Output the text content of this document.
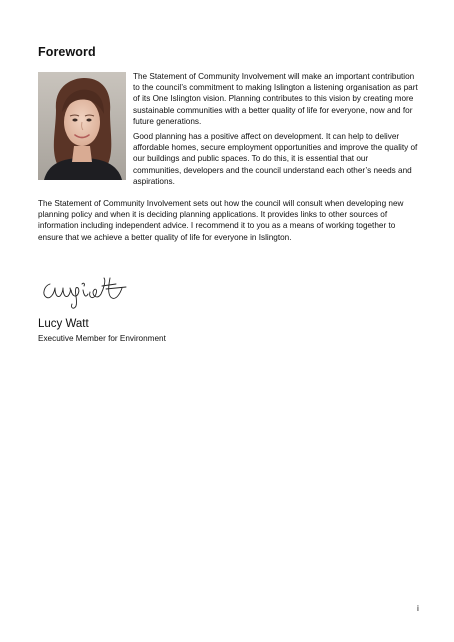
Foreword

The Statement of Community Involvement will make an important contribution to the council’s commitment to making Islington a listening organisation as part of its One Islington vision. Planning contributes to this vision by creating more sustainable communities with a better quality of life for everyone, now and for future generations.

Good planning has a positive affect on development. It can help to deliver affordable homes, secure employment opportunities and improve the quality of our buildings and public spaces. To do this, it is essential that our communities, developers and the council understand each other’s needs and aspirations.

The Statement of Community Involvement sets out how the council will consult when developing new planning policy and when it is deciding planning applications. It provides links to other sources of information including independent advice. I recommend it to you as a means of working together to ensure that we achieve a better quality of life for everyone in Islington.

Lucy Watt
Executive Member for Environment
i
